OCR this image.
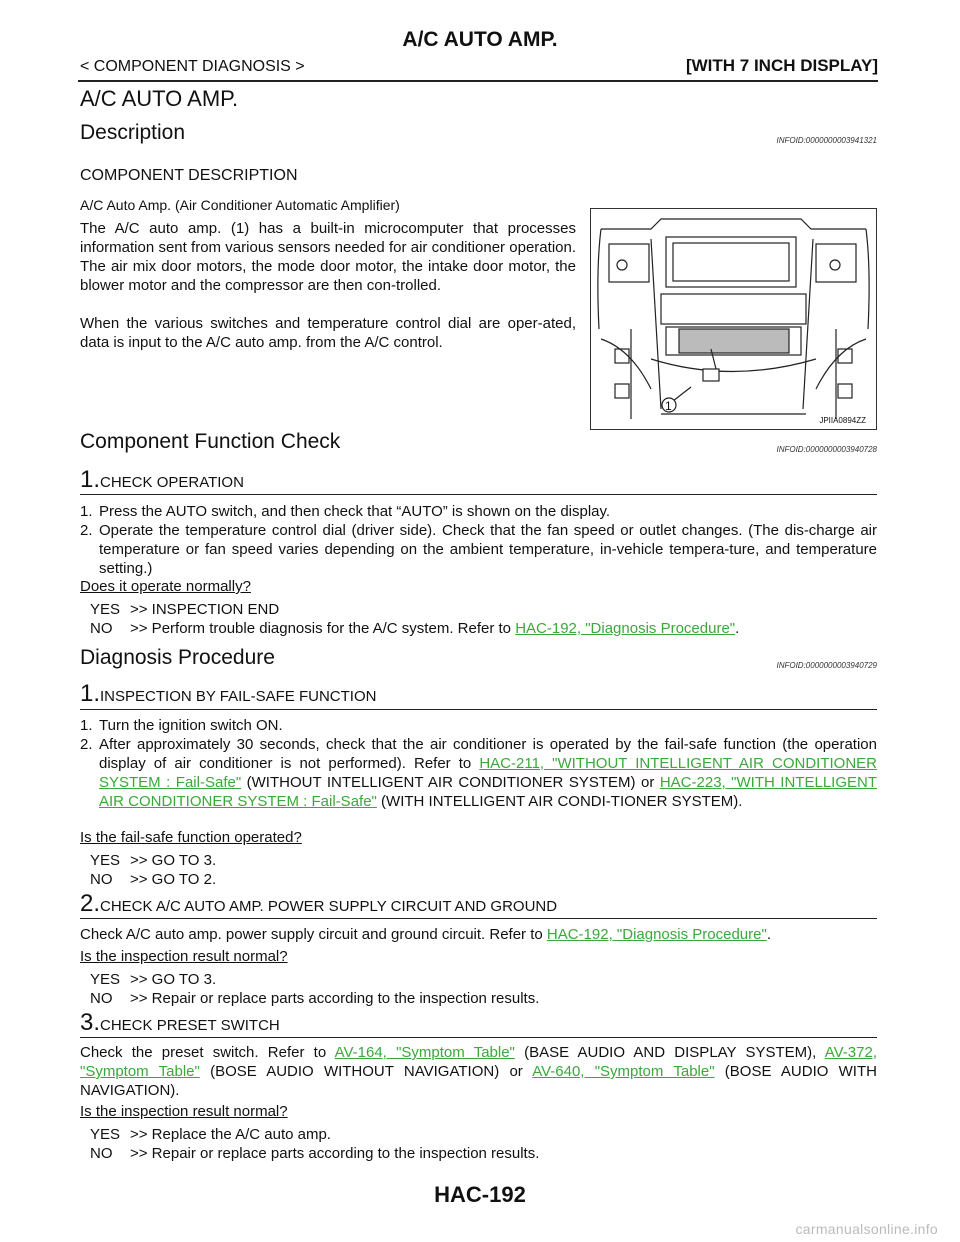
A/C AUTO AMP.
< COMPONENT DIAGNOSIS >	[WITH 7 INCH DISPLAY]
A/C AUTO AMP.
Description	INFOID:0000000003941321
COMPONENT DESCRIPTION
A/C Auto Amp. (Air Conditioner Automatic Amplifier)
The A/C auto amp. (1) has a built-in microcomputer that processes information sent from various sensors needed for air conditioner operation. The air mix door motors, the mode door motor, the intake door motor, the blower motor and the compressor are then con-trolled.
When the various switches and temperature control dial are oper-ated, data is input to the A/C auto amp. from the A/C control.
1
JPIIA0894ZZ
Component Function Check	INFOID:0000000003940728
1.CHECK OPERATION
1. Press the AUTO switch, and then check that “AUTO” is shown on the display.
2. Operate the temperature control dial (driver side). Check that the fan speed or outlet changes. (The dis-charge air temperature or fan speed varies depending on the ambient temperature, in-vehicle tempera-ture, and temperature setting.)
Does it operate normally?
YES >> INSPECTION END
NO >> Perform trouble diagnosis for the A/C system. Refer to HAC-192, "Diagnosis Procedure".
Diagnosis Procedure	INFOID:0000000003940729
1.INSPECTION BY FAIL-SAFE FUNCTION
1. Turn the ignition switch ON.
2. After approximately 30 seconds, check that the air conditioner is operated by the fail-safe function (the operation display of air conditioner is not performed). Refer to HAC-211, "WITHOUT INTELLIGENT AIR CONDITIONER SYSTEM : Fail-Safe" (WITHOUT INTELLIGENT AIR CONDITIONER SYSTEM) or HAC-223, "WITH INTELLIGENT AIR CONDITIONER SYSTEM : Fail-Safe" (WITH INTELLIGENT AIR CONDI-TIONER SYSTEM).
Is the fail-safe function operated?
YES >> GO TO 3.
NO >> GO TO 2.
2.CHECK A/C AUTO AMP. POWER SUPPLY CIRCUIT AND GROUND
Check A/C auto amp. power supply circuit and ground circuit. Refer to HAC-192, "Diagnosis Procedure".
Is the inspection result normal?
YES >> GO TO 3.
NO >> Repair or replace parts according to the inspection results.
3.CHECK PRESET SWITCH
Check the preset switch. Refer to AV-164, "Symptom Table" (BASE AUDIO AND DISPLAY SYSTEM), AV-372, "Symptom Table" (BOSE AUDIO WITHOUT NAVIGATION) or AV-640, "Symptom Table" (BOSE AUDIO WITH NAVIGATION).
Is the inspection result normal?
YES >> Replace the A/C auto amp.
NO >> Repair or replace parts according to the inspection results.
HAC-192
carmanualsonline.info
